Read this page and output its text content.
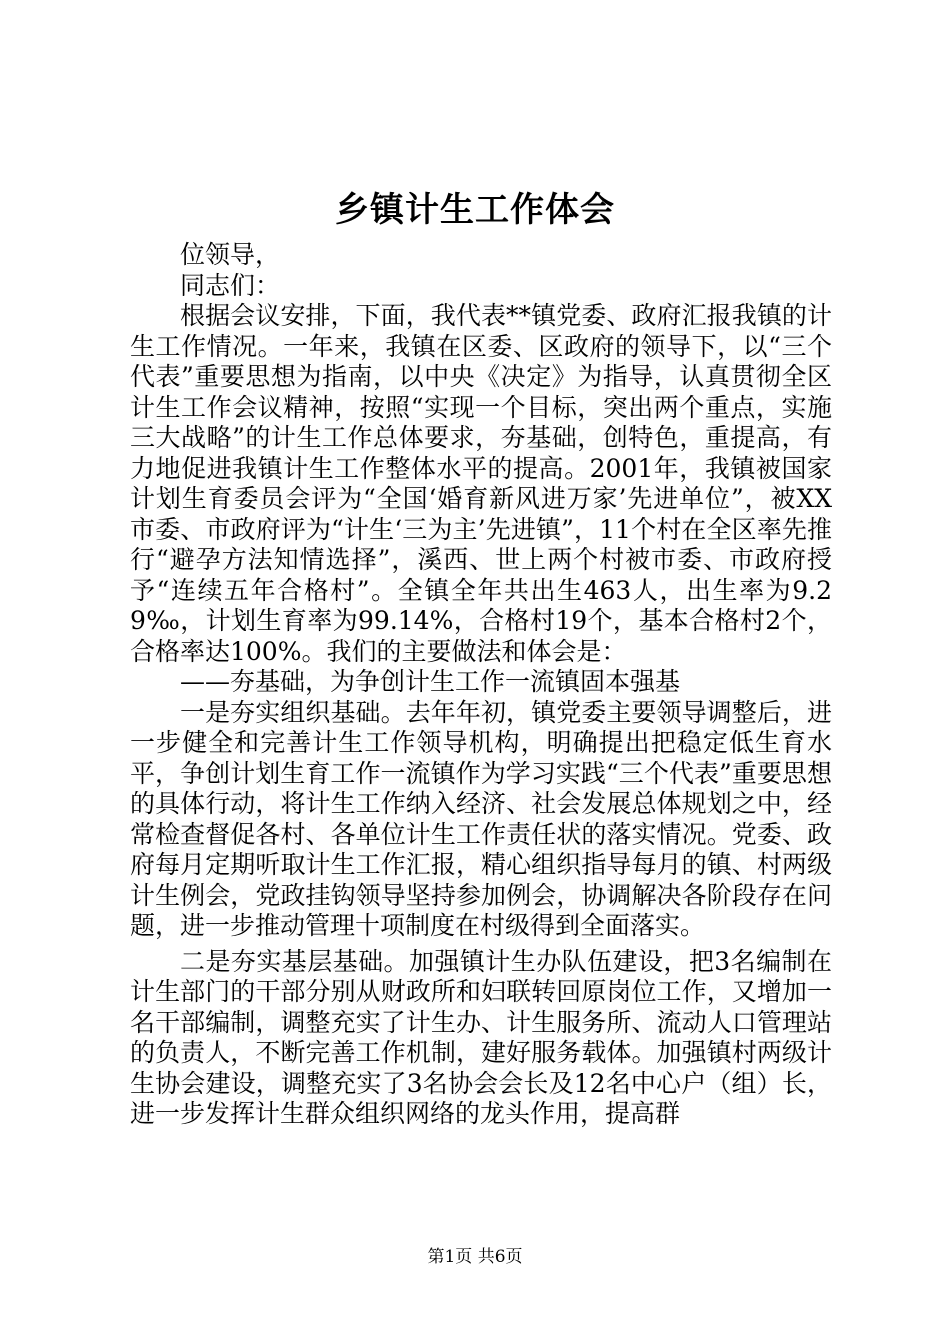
乡镇计生工作体会

位领导，

同志们：

根据会议安排，下面，我代表**镇党委、政府汇报我镇的计生工作情况。一年来，我镇在区委、区政府的领导下，以“三个代表”重要思想为指南，以中央《决定》为指导，认真贯彻全区计生工作会议精神，按照“实现一个目标，突出两个重点，实施三大战略”的计生工作总体要求，夯基础，创特色，重提高，有力地促进我镇计生工作整体水平的提高。2001年，我镇被国家计划生育委员会评为“全国‘婚育新风进万家’先进单位”，被XX市委、市政府评为“计生‘三为主’先进镇”，11个村在全区率先推行“避孕方法知情选择”，溪西、世上两个村被市委、市政府授予“连续五年合格村”。全镇全年共出生463人，出生率为9.29‰，计划生育率为99.14%，合格村19个，基本合格村2个，合格率达100%。我们的主要做法和体会是：

——夯基础，为争创计生工作一流镇固本强基

一是夯实组织基础。去年年初，镇党委主要领导调整后，进一步健全和完善计生工作领导机构，明确提出把稳定低生育水平，争创计划生育工作一流镇作为学习实践“三个代表”重要思想的具体行动，将计生工作纳入经济、社会发展总体规划之中，经常检查督促各村、各单位计生工作责任状的落实情况。党委、政府每月定期听取计生工作汇报，精心组织指导每月的镇、村两级计生例会，党政挂钩领导坚持参加例会，协调解决各阶段存在问题，进一步推动管理十项制度在村级得到全面落实。

二是夯实基层基础。加强镇计生办队伍建设，把3名编制在计生部门的干部分别从财政所和妇联转回原岗位工作，又增加一名干部编制，调整充实了计生办、计生服务所、流动人口管理站的负责人，不断完善工作机制，建好服务载体。加强镇村两级计生协会建设，调整充实了3名协会会长及12名中心户（组）长，进一步发挥计生群众组织网络的龙头作用，提高群

第1页 共6页
